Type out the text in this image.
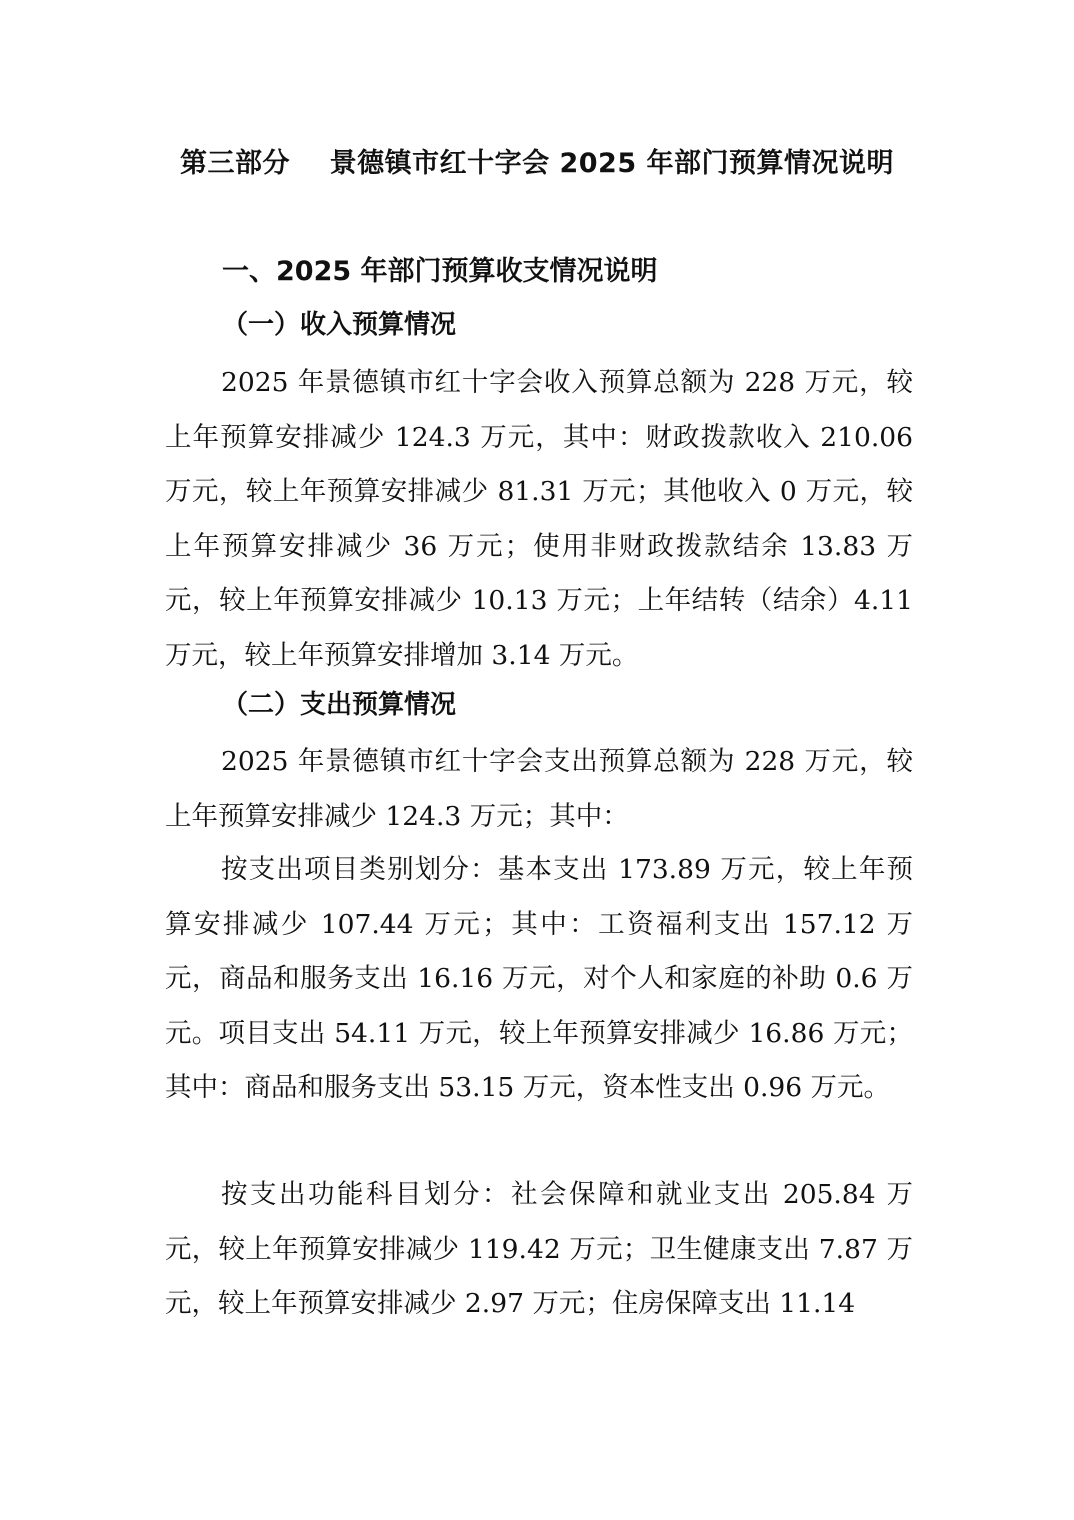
第三部分    景德镇市红十字会 2025 年部门预算情况说明
一、2025 年部门预算收支情况说明
（一）收入预算情况

2025 年景德镇市红十字会收入预算总额为 228 万元，较上年预算安排减少 124.3 万元，其中：财政拨款收入 210.06 万元，较上年预算安排减少 81.31 万元；其他收入 0 万元，较上年预算安排减少 36 万元；使用非财政拨款结余 13.83 万元，较上年预算安排减少 10.13 万元；上年结转（结余）4.11 万元，较上年预算安排增加 3.14 万元。

（二）支出预算情况

2025 年景德镇市红十字会支出预算总额为 228 万元，较上年预算安排减少 124.3 万元；其中：

按支出项目类别划分：基本支出 173.89 万元，较上年预算安排减少 107.44 万元；其中：工资福利支出 157.12 万元，商品和服务支出 16.16 万元，对个人和家庭的补助 0.6 万元。项目支出 54.11 万元，较上年预算安排减少 16.86 万元；其中：商品和服务支出 53.15 万元，资本性支出 0.96 万元。

按支出功能科目划分：社会保障和就业支出 205.84 万元，较上年预算安排减少 119.42 万元；卫生健康支出 7.87 万元，较上年预算安排减少 2.97 万元；住房保障支出 11.14
